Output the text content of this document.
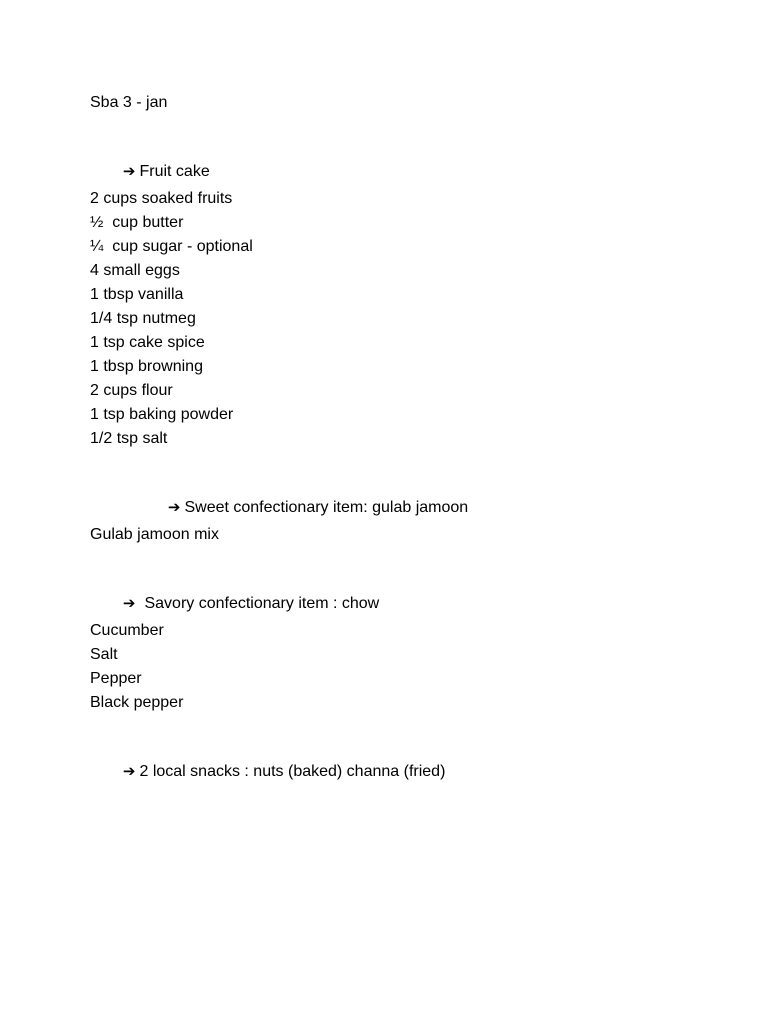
Sba 3 - jan

➔ Fruit cake

2 cups soaked fruits
½  cup butter
¼  cup sugar - optional
4 small eggs
1 tbsp vanilla
1/4 tsp nutmeg
1 tsp cake spice
1 tbsp browning
2 cups flour
1 tsp baking powder
1/2 tsp salt

➔ Sweet confectionary item: gulab jamoon

Gulab jamoon mix

➔ Savory confectionary item : chow

Cucumber
Salt
Pepper
Black pepper

➔ 2 local snacks : nuts (baked) channa (fried)
